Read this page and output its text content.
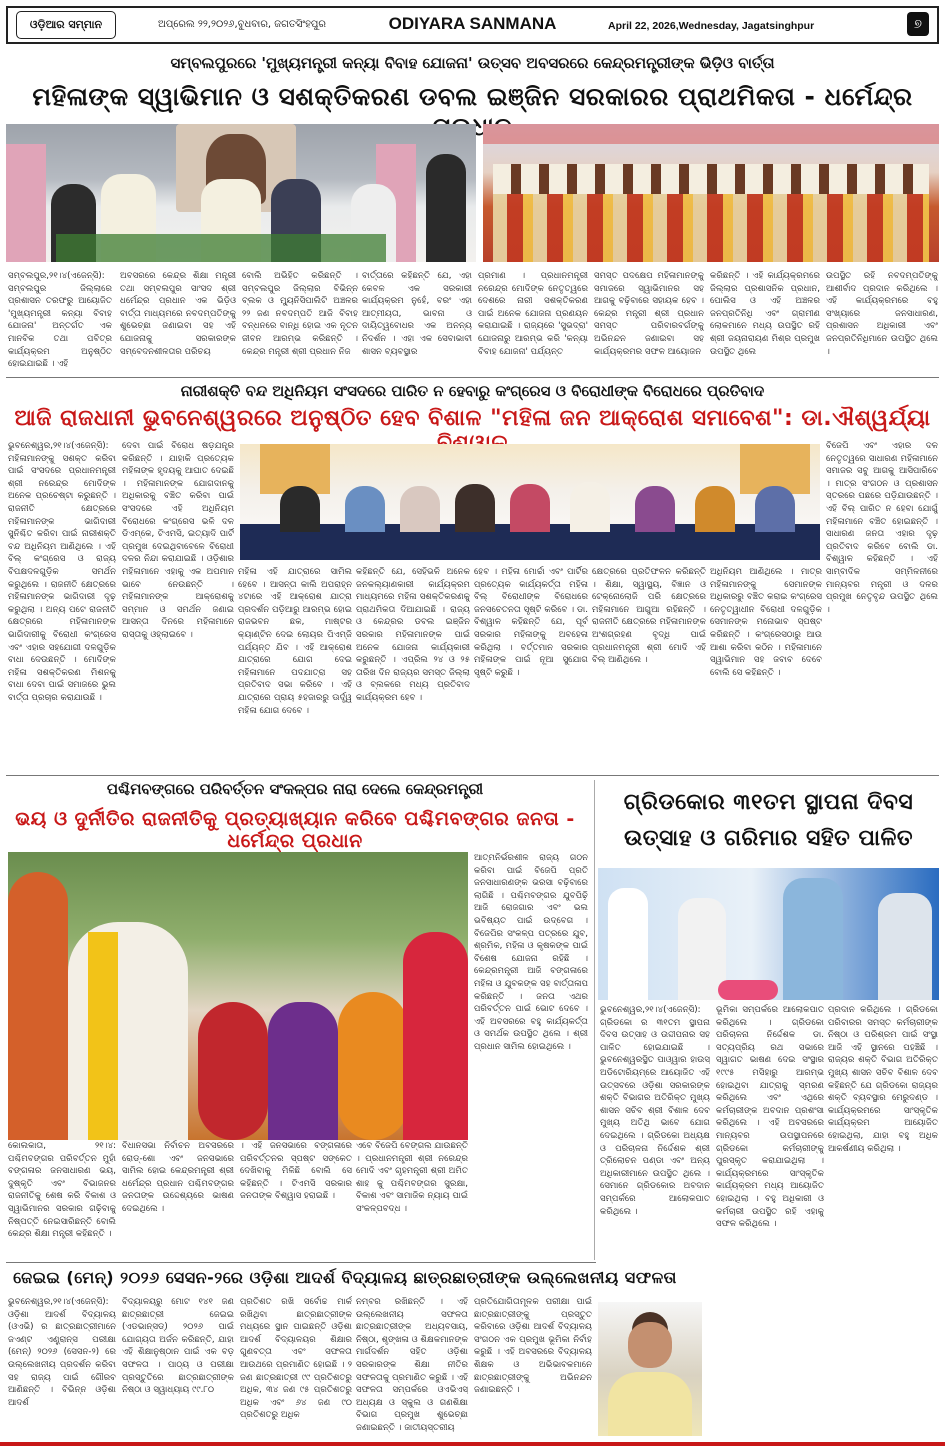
ଓଡ଼ିଆର ସମ୍ମାନ	ଅପ୍ରେଲ ୨୨,୨୦୨୬,ବୁଧବାର, ଜଗତସିଂହପୁର	ODIYARA SANMANA	April 22, 2026,Wednesday, Jagatsinghpur	୭
ସମ୍ବଲପୁରରେ 'ମୁଖ୍ୟମନ୍ତ୍ରୀ କନ୍ୟା ବିବାହ ଯୋଜନା' ଉତ୍ସବ ଅବସରରେ କେନ୍ଦ୍ରମନ୍ତ୍ରୀଙ୍କ ଭିଡ଼ିଓ ବାର୍ତ୍ତା
ମହିଳାଙ୍କ ସ୍ୱାଭିମାନ ଓ ସଶକ୍ତିକରଣ ଡବଲ ଇଞ୍ଜିନ ସରକାରର ପ୍ରାଥମିକତା - ଧର୍ମେନ୍ଦ୍ର
ସମ୍ବଲପୁର,୨୧।୪(ଏଜେନ୍ସି): ସମ୍ବଲପୁର ଜିଲ୍ଲାରେ ପ୍ରଶାସନ ତରଫରୁ ଆୟୋଜିତ 'ମୁଖ୍ୟମନ୍ତ୍ରୀ କନ୍ୟା ବିବାହ ଯୋଜନା' ଅନ୍ତର୍ଗତ ଏକ ମାନବିକ ତଥା ପବିତ୍ର କାର୍ଯ୍ୟକ୍ରମ ଅନୁଷ୍ଠିତ ହୋଇଯାଇଛି । ଏହି
ଅବସରରେ କେନ୍ଦ୍ର ଶିକ୍ଷା ମନ୍ତ୍ରୀ ତଥା ସମ୍ବଲପୁର ସାଂସଦ ଶ୍ରୀ ଧର୍ମେନ୍ଦ୍ର ପ୍ରଧାନ ଏକ ଭିଡ଼ିଓ ବାର୍ତ୍ତା ମାଧ୍ୟମରେ ନବଦମ୍ପତିଙ୍କୁ ଶୁଭେଚ୍ଛା ଜଣାଇବା ସହ ଏହି ଯୋଜନାକୁ ସରକାରଙ୍କ ସମ୍ବେଦନଶୀଳତାର ପରିଚୟ
ବୋଲି ଅଭିହିତ କରିଛନ୍ତି । ସମ୍ବଲପୁର ଜିଲ୍ଲାର ବିଭିନ୍ନ ବ୍ଲକ ଓ ମ୍ୟୁନିସିପାଲିଟି ଅଞ୍ଚଳର ୨୨ ଜଣ ନବଦମ୍ପତି ଆଜି ବିବାହ ବନ୍ଧନରେ ବାନ୍ଧି ହୋଇ ଏକ ନୂତନ ଜୀବନ ଆରମ୍ଭ କରିଛନ୍ତି । କେନ୍ଦ୍ର ମନ୍ତ୍ରୀ ଶ୍ରୀ ପ୍ରଧାନ ନିଜ
ବାର୍ତ୍ତାରେ କହିଛନ୍ତି ଯେ, ଏହା କେବଳ ଏକ ସରକାରୀ କାର୍ଯ୍ୟକ୍ରମ ନୁହେଁ, ବରଂ ଏହା ଆତ୍ମୀୟତା, ଭାବନା ଓ ଦାୟିତ୍ୱବୋଧର ଏକ ଅନନ୍ୟ ନିଦର୍ଶନ । ଏହା ଏକ ସେବାଭାବୀ ଶାସନ ବ୍ୟବସ୍ଥାର
ପ୍ରମାଣ । ପ୍ରଧାନମନ୍ତ୍ରୀ ନରେନ୍ଦ୍ର ମୋଦିଙ୍କ ନେତୃତ୍ୱରେ ଦେଶରେ ନାରୀ ସଶକ୍ତିକରଣ ପାଇଁ ଅନେକ ଯୋଜନା ପ୍ରଣୟନ କରାଯାଇଛି । ରାଜ୍ୟରେ 'ସୁଭଦ୍ରା' ଯୋଜନାରୁ ଆରମ୍ଭ କରି 'କନ୍ୟା ବିବାହ ଯୋଜନା' ପର୍ଯ୍ୟନ୍ତ
ସମସ୍ତ ପଦକ୍ଷେପ ମହିଳାମାନଙ୍କୁ ସମାଜରେ ସ୍ୱାଭିମାନର ସହ ଆଗକୁ ବଢ଼ିବାରେ ସହାୟକ ହେବ । କେନ୍ଦ୍ର ମନ୍ତ୍ରୀ ଶ୍ରୀ ପ୍ରଧାନ ସମସ୍ତ ପରିବାରବର୍ଗଙ୍କୁ ଅଭିନନ୍ଦନ ଜଣାଇବା ସହ କାର୍ଯ୍ୟକ୍ରମର ସଫଳ ଆୟୋଜନ
କରିଛନ୍ତି । ଏହି କାର୍ଯ୍ୟକ୍ରମରେ ଜିଲ୍ଲାର ପ୍ରଶାସନିକ ପ୍ରଧାନ, ପୋଲିସ ଓ ଏହି ଅଞ୍ଚଳର ଜନପ୍ରତିନିଧି ଏବଂ ଗ୍ରାମୀଣ ଲୋକମାନେ ମଧ୍ୟ ଉପସ୍ଥିତ ରହି ଶ୍ରୀ ଜୟନାରାୟଣ ମିଶ୍ର ପ୍ରମୁଖ ଉପସ୍ଥିତ ଥିଲେ
ଉପସ୍ଥିତ ରହି ନବଦମ୍ପତିଙ୍କୁ ଆଶୀର୍ବାଦ ପ୍ରଦାନ କରିଥିଲେ । ଏହି କାର୍ଯ୍ୟକ୍ରମରେ ବହୁ ସଂଖ୍ୟାରେ ଜନସାଧାରଣ, ପ୍ରଶାସନ ଅଧିକାରୀ ଏବଂ ଜନପ୍ରତିନିଧିମାନେ ଉପସ୍ଥିତ ଥିଲେ ।
ନାରୀଶକ୍ତି ବନ୍ଦ ଅଧିନିୟମ ସଂସଦରେ ପାରିତ ନ ହେବାରୁ କଂଗ୍ରେସ ଓ ବିରୋଧୀଙ୍କ ବିରୋଧରେ ପ୍ରତିବାଦ
ଆଜି ରାଜଧାନୀ ଭୁବନେଶ୍ୱରରେ ଅନୁଷ୍ଠିତ ହେବ ବିଶାଳ "ମହିଳା ଜନ ଆକ୍ରୋଶ ସମାବେଶ": ଡା.ଐଶ୍ୱର୍ଯ୍ୟା
ଭୁବନେଶ୍ୱର,୨୧।୪(ଏଜେନ୍ସି): ମହିଳାମାନଙ୍କୁ ସଶକ୍ତ କରିବା ପାଇଁ ସଂସଦରେ ପ୍ରଧାନମନ୍ତ୍ରୀ ଶ୍ରୀ ନରେନ୍ଦ୍ର ମୋଦିଙ୍କ ଅନେକ ପ୍ରଚେଷ୍ଟା କରୁଛନ୍ତି । ରାଜନୀତି କ୍ଷେତ୍ରରେ ମହିଳାମାନଙ୍କ ଭାଗିଦାରୀ ସୁନିଶ୍ଚିତ କରିବା ପାଇଁ ନାରୀଶକ୍ତି ବନ୍ଦ ଅଧିନିୟମ ଆଣିଥିଲେ । ଏହି ବିଲ୍ କଂଗ୍ରେସ ଓ ରାଜ୍ୟ ବିପକ୍ଷଦଳଗୁଡ଼ିକ ସମର୍ଥନ କରୁଥିଲେ । ରାଜନୀତି କ୍ଷେତ୍ରରେ ମହିଳାମାନଙ୍କ ଭାଗିଦାରୀ ଦୃଢ଼ କରୁଥିଲା । ଅନ୍ୟ ପଟେ ରାଜନୀତି କ୍ଷେତ୍ରରେ ମହିଳାମାନଙ୍କ ଭାଗିଦାରୀକୁ ବିରୋଧୀ କଂଗ୍ରେସ ଏବଂ ଏହାର ସହଯୋଗୀ ଦଳଗୁଡ଼ିକ ବାଧା ଦେଉଛନ୍ତି । ମୋଦିଙ୍କ ମହିଳା ସଶକ୍ତିକରଣ ମିଶନକୁ ବାଧା ଦେବା ପାଇଁ ସମାଜରେ ଭୁଲ ବାର୍ତ୍ତା ପ୍ରଚାର କରାଯାଉଛି ।
ଦେବା ପାଇଁ ବିରୋଧ ଷଡ଼ଯନ୍ତ୍ର କରିଛନ୍ତି । ଯାହାକି ପ୍ରତ୍ୟେକ ମହିଳାଙ୍କ ହୃଦୟକୁ ଆଘାତ ଦେଇଛି । ମହିଳାମାନଙ୍କ ଯୋଗଦାନକୁ ଅଧିକାରକୁ ବଞ୍ଚିତ କରିବା ପାଇଁ ସଂସଦରେ ଏହି ଅଧିନିୟମ ବିରୋଧରେ କଂଗ୍ରେସ ଭଳି ଦଳ ଡିଏମ୍‌କେ, ଟିଏମସି, ଇତ୍ୟାଦି ପାର୍ଟି ପ୍ରମୁଖ ଦେଇଥିବାବେଳେ ବିରୋଧୀ ଦଳର ନିନ୍ଦା କରାଯାଇଛି । ଓଡ଼ିଶାର ମହିଳାମାନେ ଏହାକୁ ଏକ ଅପମାନ ଭାବେ ନେଉଛନ୍ତି । ମହିଳାମାନଙ୍କ ଆକ୍ରୋଶକୁ ସମ୍ମାନ ଓ ସମର୍ଥନ ଜଣାଇ ଆସନ୍ତା ଦିନରେ ମହିଳାମାନେ ରାସ୍ତାକୁ ଓହ୍ଲାଇବେ ।
ମହିଳା ଏହି ଯାତ୍ରାରେ ସାମିଲ ହେବେ । ଆସନ୍ତା କାଲି ଅପରାହ୍ନ ୪ଟାରେ ଏହି ଆକ୍ରୋଶ ଯାତ୍ରା ପ୍ରଦର୍ଶନ ପଡ଼ିଆରୁ ଆରମ୍ଭ ହୋଇ ରାଜଭବନ ଛକ, ମାଷ୍ଟର କ୍ୟାଣ୍ଟିନ ଦେଇ ଲୋୟର ପିଏମ୍‌ଜି ପର୍ଯ୍ୟନ୍ତ ଯିବ । ଏହି ଆକ୍ରୋଶ ଯାତ୍ରାରେ ଯୋଗ ଦେଇ ମହିଳାମାନେ ପଦଯାତ୍ରା ସହ ପ୍ରତିବାଦ ସଭା କରିବେ । ଏହି ଯାତ୍ରାରେ ପ୍ରାୟ ୫ହଜାରରୁ ଊର୍ଦ୍ଧ୍ୱ ମହିଳା ଯୋଗ ଦେବେ ।
କହିଛନ୍ତି ଯେ, ସେହିଭଳି ଅନେକ ଜନକଲ୍ୟାଣକାରୀ କାର୍ଯ୍ୟକ୍ରମ ମାଧ୍ୟମରେ ମହିଳା ସଶକ୍ତିକରଣକୁ ପ୍ରାଥମିକତା ଦିଆଯାଇଛି । ରାଜ୍ୟ ଓ କେନ୍ଦ୍ରର ଡବଲ ଇଞ୍ଜିନ ସରକାର ମହିଳାମାନଙ୍କ ପାଇଁ ଅନେକ ଯୋଜନା କାର୍ଯ୍ୟକାରୀ କରୁଛନ୍ତି । ଏପ୍ରିଲ ୨୪ ଓ ୨୫ ତାରିଖ ଦିନ ରାଜ୍ୟର ସମସ୍ତ ଜିଲ୍ଲା ଓ ବ୍ଲକରେ ମଧ୍ୟ ପ୍ରତିବାଦ କାର୍ଯ୍ୟକ୍ରମ ହେବ ।
ହେବ । ମହିଳା ମୋର୍ଚ୍ଚା ଏବଂ ପାର୍ଟିର ପ୍ରତ୍ୟେକ କାର୍ଯ୍ୟକର୍ତ୍ତା ମହିଳା ବିଲ୍ ବିରୋଧୀଙ୍କ ବିରୋଧରେ ଜନସଚେତନତା ସୃଷ୍ଟି କରିବେ । ଡା. ବିଶ୍ୱାଳ କହିଛନ୍ତି ଯେ, ପୂର୍ବ ସରକାର ମହିଳାଙ୍କୁ ଅବହେଳା କରିଥିଲା । ବର୍ତ୍ତମାନ ସରକାର ମହିଳାଙ୍କ ପାଇଁ ନୂଆ ସୁଯୋଗ ସୃଷ୍ଟି କରୁଛି ।
କ୍ଷେତ୍ରରେ ପ୍ରତିଫଳନ କରିଛନ୍ତି । ଶିକ୍ଷା, ସ୍ୱାସ୍ଥ୍ୟ, ବିଜ୍ଞାନ ଓ ଟେକ୍ନୋଲୋଜି ପରି କ୍ଷେତ୍ରରେ ମହିଳାମାନେ ଆଗୁଆ ରହିଛନ୍ତି । ରାଜନୀତି କ୍ଷେତ୍ରରେ ମହିଳାମାନଙ୍କ ଅଂଶଗ୍ରହଣ ବୃଦ୍ଧି ପାଇଁ ପ୍ରଧାନମନ୍ତ୍ରୀ ଶ୍ରୀ ମୋଦି ଏହି ବିଲ୍ ଆଣିଥିଲେ ।
ଅଧିନିୟମ ଆଣିଥିଲେ । ମାତ୍ର ମହିଳାମାନଙ୍କୁ ସେମାନଙ୍କ ଅଧିକାରରୁ ବଞ୍ଚିତ କରାଇ କଂଗ୍ରେସ ନେତୃତ୍ୱାଧୀନ ବିରୋଧୀ ଦଳଗୁଡ଼ିକ ସେମାନଙ୍କ ମନୋଭାବ ସ୍ପଷ୍ଟ କରିଛନ୍ତି । କଂଗ୍ରେସଠାରୁ ଆଉ ଆଶା କରିବା କଠିନ । ମହିଳାମାନେ ସ୍ୱାଭିମାନ ସହ ଜବାବ ଦେବେ ବୋଲି ସେ କହିଛନ୍ତି ।
ବିଜେପି ଏବଂ ଏହାର ଦଳ ନେତୃତ୍ୱରେ ସାଧାରଣ ମହିଳାମାନେ ସମାଜର ସବୁ ଆଗକୁ ଆସିପାରିବେ । ମାତ୍ର ସଂଗଠନ ଓ ପ୍ରଶାସନ ସ୍ତରରେ ପଛରେ ପଡ଼ିଯାଉଛନ୍ତି । ଏହି ବିଲ୍ ପାରିତ ନ ହେବା ଯୋଗୁଁ ମହିଳାମାନେ ବଞ୍ଚିତ ହୋଇଛନ୍ତି । ସାଧାରଣ ଜନତା ଏହାର ଦୃଢ଼ ପ୍ରତିବାଦ କରିବେ ବୋଲି ଡା. ବିଶ୍ୱାଳ କହିଛନ୍ତି । ଏହି ସାମ୍ବାଦିକ ସମ୍ମିଳନୀରେ ମାନ୍ୟବର ମନ୍ତ୍ରୀ ଓ ଦଳର ପ୍ରମୁଖ ନେତୃବୃନ୍ଦ ଉପସ୍ଥିତ ଥିଲେ ।
ପଶ୍ଚିମବଙ୍ଗରେ ପରିବର୍ତ୍ତନ ସଂକଳ୍ପର ନାରା ଦେଲେ କେନ୍ଦ୍ରମନ୍ତ୍ରୀ
ଭୟ ଓ ଦୁର୍ନୀତିର ରାଜନୀତିକୁ ପ୍ରତ୍ୟାଖ୍ୟାନ କରିବେ ପଶ୍ଚିମବଙ୍ଗର ଜନତା - ଧର୍ମେନ୍ଦ୍ର ପ୍ରଧାନ
ଆତ୍ମନିର୍ଭରଶୀଳ ରାଜ୍ୟ ଗଠନ କରିବା ପାଇଁ ବିଜେପି ପ୍ରତି ଜନସାଧାରଣଙ୍କ ଭରସା ବଢ଼ିବାରେ ଲାଗିଛି । ପଶ୍ଚିମବଙ୍ଗର ଯୁବପିଢ଼ି ଆଜି ରୋଜଗାର ଏବଂ ଭଲ ଭବିଷ୍ୟତ ପାଇଁ ଉଦ୍‌ବେଗ । ବିଜେପିର ସଂକଳ୍ପ ପତ୍ରରେ ଯୁବ, ଶ୍ରମିକ, ମହିଳା ଓ କୃଷକଙ୍କ ପାଇଁ ବିଶେଷ ଯୋଜନା ରହିଛି । କେନ୍ଦ୍ରମନ୍ତ୍ରୀ ଆଜି ବଙ୍ଗଳାରେ ମହିଳା ଓ ଯୁବକଙ୍କ ସହ ବାର୍ତ୍ତାଳାପ କରିଛନ୍ତି । ଜନତା ଏଥର ପରିବର୍ତ୍ତନ ପାଇଁ ଭୋଟ ଦେବେ । ଏହି ଅବସରରେ ବହୁ କାର୍ଯ୍ୟକର୍ତ୍ତା ଓ ସମର୍ଥକ ଉପସ୍ଥିତ ଥିଲେ । ଶ୍ରୀ ପ୍ରଧାନ ସାମିଲ ହୋଇଥିଲେ ।
କୋଲକାତା, ୨୧।୪: ପଶ୍ଚିମବଙ୍ଗର ପରିବର୍ତ୍ତନ ମୁହାଁ ବଙ୍ଗଳାର ଜନସାଧାରଣ ଭୟ, ଦୁଷ୍କୃତି ଏବଂ ବିଭାଜନର ରାଜନୀତିକୁ ଶେଷ କରି ବିକାଶ ଓ ସ୍ୱାଭିମାନର ସରକାର ଗଢ଼ିବାକୁ ନିଷ୍ପତ୍ତି ନେଇସାରିଛନ୍ତି ବୋଲି କେନ୍ଦ୍ର ଶିକ୍ଷା ମନ୍ତ୍ରୀ କହିଛନ୍ତି ।
ବିଧାନସଭା ନିର୍ବାଚନ ଅବସରରେ ରୋଡ୍‌-ଶୋ ଏବଂ ଜନସଭାରେ ସାମିଲ ହୋଇ କେନ୍ଦ୍ରମନ୍ତ୍ରୀ ଶ୍ରୀ ଧର୍ମେନ୍ଦ୍ର ପ୍ରଧାନ ପଶ୍ଚିମବଙ୍ଗର ଜନତାଙ୍କ ଉଦ୍ଦେଶ୍ୟରେ ଭାଷଣ ଦେଇଥିଲେ ।
। ଏହି ଜନସଭାରେ ବଙ୍ଗଳାରେ ପରିବର୍ତ୍ତନର ସ୍ପଷ୍ଟ ସଙ୍କେତ ଦେଖିବାକୁ ମିଳିଛି ବୋଲି ସେ କହିଛନ୍ତି । ଟିଏମସି ସରକାର ଜନତାଙ୍କ ବିଶ୍ୱାସ ହରାଇଛି ।
ଏବେ ବିଜେପି ବେଙ୍ଗଲ ଯାଉଛନ୍ତି । ପ୍ରଧାନମନ୍ତ୍ରୀ ଶ୍ରୀ ନରେନ୍ଦ୍ର ମୋଦି ଏବଂ ଗୃହମନ୍ତ୍ରୀ ଶ୍ରୀ ଅମିତ ଶାହ କୁ ପଶ୍ଚିମବଙ୍ଗର ସୁରକ୍ଷା, ବିକାଶ ଏବଂ ସାମାଜିକ ନ୍ୟାୟ ପାଇଁ ସଂକଳ୍ପବଦ୍ଧ ।
ଗ୍ରିଡକୋର ୩୧ତମ ସ୍ଥାପନା ଦିବସ
ଉତ୍ସାହ ଓ ଗରିମାର ସହିତ ପାଳିତ
ଭୁବନେଶ୍ୱର,୨୧।୪(ଏଜେନ୍ସି): ଗ୍ରିଡକୋ ର ୩୧ତମ ସ୍ଥାପନା ଦିବସ ଉତ୍ସାହ ଓ ଉଦ୍ଦୀପନାର ସହ ପାଳିତ ହୋଇଯାଇଛି । ଭୁବନେଶ୍ୱରସ୍ଥିତ ପାଓ୍ୱାର ହାଉସ୍‌ ଅଡିଟୋରିୟମ୍‌ରେ ଆୟୋଜିତ ଏହି ଉତ୍ସବରେ ଓଡ଼ିଶା ସରକାରଙ୍କ ଶକ୍ତି ବିଭାଗର ଅତିରିକ୍ତ ମୁଖ୍ୟ ଶାସନ ସଚିବ ଶ୍ରୀ ବିଶାଳ ଦେବ ମୁଖ୍ୟ ଅତିଥି ଭାବେ ଯୋଗ ଦେଇଥିଲେ । ଗ୍ରିଡକୋ ଅଧ୍ୟକ୍ଷ ଓ ପରିଚାଳନା ନିର୍ଦ୍ଦେଶକ ଶ୍ରୀ ତ୍ରିଲୋଚନ ପଣ୍ଡା ଏବଂ ଅନ୍ୟ ଅଧିକାରୀମାନେ ଉପସ୍ଥିତ ଥିଲେ । ସେମାନେ ଗ୍ରିଡକୋର ଅବଦାନ ସମ୍ପର୍କରେ ଆଲୋକପାତ କରିଥିଲେ ।
ଭୂମିକା ସମ୍ପର୍କରେ ଆଲୋକପାତ କରିଥିଲେ । ଗ୍ରିଡକୋ ପରିଚାଳନା ନିର୍ଦ୍ଦେଶକ ଡା. ସତ୍ୟପ୍ରିୟ ରଥ ସଭାରେ ସ୍ୱାଗତ ଭାଷଣ ଦେଇ ସଂସ୍ଥାର ୧୯୯୫ ମସିହାରୁ ଆରମ୍ଭ ହୋଇଥିବା ଯାତ୍ରାକୁ ସ୍ମରଣ କରିଥିଲେ ଏବଂ ଏଥିରେ କର୍ମଚାରୀଙ୍କ ଅବଦାନ ପ୍ରଶଂସା କରିଥିଲେ । ଏହି ଅବସରରେ ମାନ୍ୟବର ଉପସ୍ଥାପନରେ ଗ୍ରିଡକୋ କର୍ମଚାରୀଙ୍କୁ ପୁରସ୍କୃତ କରାଯାଇଥିଲା । କାର୍ଯ୍ୟକ୍ରମରେ ସାଂସ୍କୃତିକ କାର୍ଯ୍ୟକ୍ରମ ମଧ୍ୟ ଆୟୋଜିତ ହୋଇଥିଲା । ବହୁ ଅଧିକାରୀ ଓ କର୍ମଚାରୀ ଉପସ୍ଥିତ ରହି ଏହାକୁ ସଫଳ କରିଥିଲେ ।
ପ୍ରଦାନ କରିଥିଲେ । ଗ୍ରିଡକୋ ପରିବାରର ସମସ୍ତ କର୍ମଚାରୀଙ୍କ ନିଷ୍ଠା ଓ ପରିଶ୍ରମ ପାଇଁ ସଂସ୍ଥା ଆଜି ଏହି ସ୍ଥାନରେ ପହଞ୍ଚିଛି । ରାଜ୍ୟର ଶକ୍ତି ବିଭାଗ ଅତିରିକ୍ତ ମୁଖ୍ୟ ଶାସନ ସଚିବ ବିଶାଳ ଦେବ କହିଛନ୍ତି ଯେ ଗ୍ରିଡକୋ ରାଜ୍ୟର ଶକ୍ତି ବ୍ୟବସ୍ଥାର ମେରୁଦଣ୍ଡ । କାର୍ଯ୍ୟକ୍ରମରେ ସାଂସ୍କୃତିକ କାର୍ଯ୍ୟକ୍ରମ ଆୟୋଜିତ ହୋଇଥିଲା, ଯାହା ବହୁ ଅଧିକ ଆକର୍ଷଣୀୟ କରିଥିଲା ।
ଜେଇଇ (ମେନ୍) ୨୦୨୬ ସେସନ-୨ରେ ଓଡ଼ିଶା ଆଦର୍ଶ ବିଦ୍ୟାଳୟ ଛାତ୍ରଛାତ୍ରୀଙ୍କ ଉଲ୍ଲେଖନୀୟ ସଫଳତା
ଭୁବନେଶ୍ୱର,୨୧।୪(ଏଜେନ୍ସି): ଓଡ଼ିଶା ଆଦର୍ଶ ବିଦ୍ୟାଳୟ (ଓଏଭି) ର ଛାତ୍ରଛାତ୍ରୀମାନେ ଜଏଣ୍ଟ ଏଣ୍ଟ୍ରାନ୍ସ ପରୀକ୍ଷା (ମେନ୍) ୨୦୨୬ (ସେସନ-୨) ରେ ଉଲ୍ଲେଖନୀୟ ପ୍ରଦର୍ଶନ କରିବା ସହ ରାଜ୍ୟ ପାଇଁ ଗୌରବ ଆଣିଛନ୍ତି । ବିଭିନ୍ନ ଓଡ଼ିଶା ଆଦର୍ଶ
ବିଦ୍ୟାଳୟରୁ ମୋଟ ୧୪୧ ଜଣ ଛାତ୍ରଛାତ୍ରୀ ଜେଇଇ (ଏଡଭାନ୍ସଡ୍) ୨୦୨୬ ପାଇଁ ଯୋଗ୍ୟତା ଅର୍ଜନ କରିଛନ୍ତି, ଯାହା ଏହି ଶିକ୍ଷାନୁଷ୍ଠାନ ପାଇଁ ଏକ ବଡ଼ ସଫଳତା । ପାଠ୍ୟ ଓ ପରୀକ୍ଷା ପ୍ରସ୍ତୁତିରେ ଛାତ୍ରଛାତ୍ରୀଙ୍କ ନିଷ୍ଠା ଓ ସ୍ୱାଧ୍ୟାୟ ୯୯.୮୦
ପ୍ରତିଶତ ରଖି ସର୍ବୋଚ୍ଚ ମାର୍କ ରଖିଥିବା ଛାତ୍ରଛାତ୍ରୀଙ୍କ ମଧ୍ୟରେ ସ୍ଥାନ ପାଇଛନ୍ତି ଓଡ଼ିଶା ଆଦର୍ଶ ବିଦ୍ୟାଳୟର ଶିକ୍ଷାର ଗୁଣବତ୍ତା ଏବଂ ସଫଳତା ଆଉଥରେ ପ୍ରମାଣିତ ହୋଇଛି । ୨ ଜଣ ଛାତ୍ରଛାତ୍ରୀ ୯୯ ପ୍ରତିଶତରୁ ଅଧିକ, ୩୪ ଜଣ ୯୫ ପ୍ରତିଶତରୁ ଅଧିକ ଏବଂ ୬୪ ଜଣ ୯୦ ପ୍ରତିଶତରୁ ଅଧିକ
ନମ୍ବର ରଖିଛନ୍ତି । ଏହି ଉଲ୍ଲେଖନୀୟ ସଫଳତା ଛାତ୍ରଛାତ୍ରୀଙ୍କ ଅଧ୍ୟବସାୟ, ନିଷ୍ଠା, ଶୃଙ୍ଖଳା ଓ ଶିକ୍ଷକମାନଙ୍କ ମାର୍ଗଦର୍ଶନ ସହିତ ଓଡ଼ିଶା ସରକାରଙ୍କ ଶିକ୍ଷା ନୀତିର ସଫଳତାକୁ ପ୍ରମାଣିତ କରୁଛି । ଏହି ସଫଳତା ସମ୍ପର୍କରେ ଓଏଭିଏସ୍ ଅଧ୍ୟକ୍ଷ ଓ ସ୍କୁଲ ଓ ଗଣଶିକ୍ଷା ବିଭାଗ ପ୍ରମୁଖ ଶୁଭେଚ୍ଛା ଜଣାଇଛନ୍ତି । ଜାତୀୟସ୍ତରୀୟ
ପ୍ରତିଯୋଗିତାମୂଳକ ପରୀକ୍ଷା ପାଇଁ ଛାତ୍ରଛାତ୍ରୀଙ୍କୁ ପ୍ରସ୍ତୁତ କରିବାରେ ଓଡ଼ିଶା ଆଦର୍ଶ ବିଦ୍ୟାଳୟ ସଂଗଠନ ଏକ ପ୍ରମୁଖ ଭୂମିକା ନିର୍ବାହ କରୁଛି । ଏହି ଅବସରରେ ବିଦ୍ୟାଳୟ ଶିକ୍ଷକ ଓ ଅଭିଭାବକମାନେ ଛାତ୍ରଛାତ୍ରୀଙ୍କୁ ଅଭିନନ୍ଦନ ଜଣାଇଛନ୍ତି ।
